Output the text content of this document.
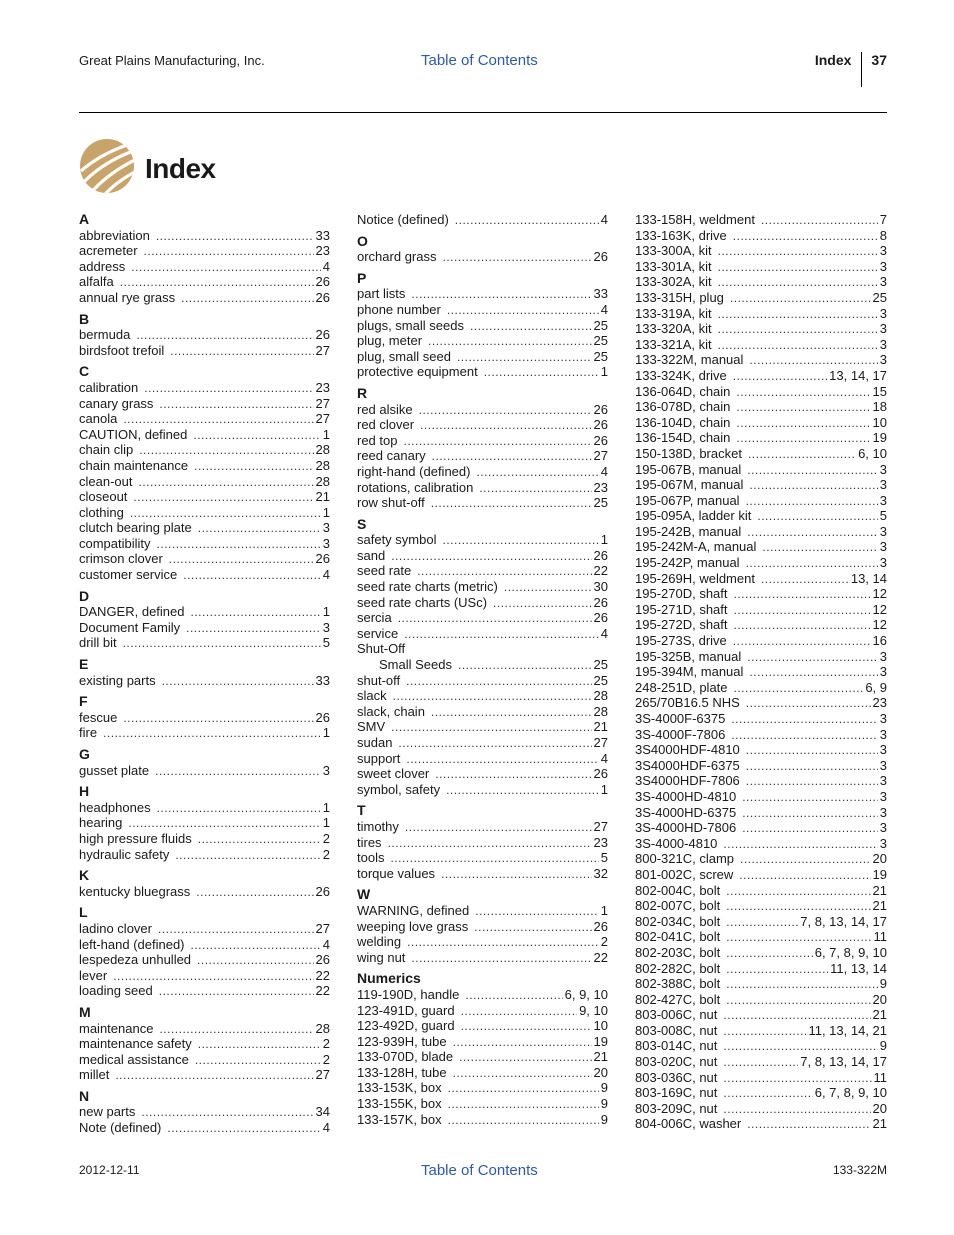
Great Plains Manufacturing, Inc.	Table of Contents	Index	37
Index
A
abbreviation .....	33
acremeter .....	23
address .....	4
alfalfa .....	26
annual rye grass .....	26
B
bermuda .....	26
birdsfoot trefoil .....	27
C
calibration .....	23
canary grass .....	27
canola .....	27
CAUTION, defined .....	1
chain clip .....	28
chain maintenance .....	28
clean-out .....	28
closeout .....	21
clothing .....	1
clutch bearing plate .....	3
compatibility .....	3
crimson clover .....	26
customer service .....	4
D
DANGER, defined .....	1
Document Family .....	3
drill bit .....	5
E
existing parts .....	33
F
fescue .....	26
fire .....	1
G
gusset plate .....	3
H
headphones .....	1
hearing .....	1
high pressure fluids .....	2
hydraulic safety .....	2
K
kentucky bluegrass .....	26
L
ladino clover .....	27
left-hand (defined) .....	4
lespedeza unhulled .....	26
lever .....	22
loading seed .....	22
M
maintenance .....	28
maintenance safety .....	2
medical assistance .....	2
millet .....	27
N
new parts .....	34
Note (defined) .....	4
Notice (defined) .....	4
O
orchard grass .....	26
P
part lists .....	33
phone number .....	4
plugs, small seeds .....	25
plug, meter .....	25
plug, small seed .....	25
protective equipment .....	1
R
red alsike .....	26
red clover .....	26
red top .....	26
reed canary .....	27
right-hand (defined) .....	4
rotations, calibration .....	23
row shut-off .....	25
S
safety symbol .....	1
sand .....	26
seed rate .....	22
seed rate charts (metric) .....	30
seed rate charts (USc) .....	26
sercia .....	26
service .....	4
Shut-Off
Small Seeds .....	25
shut-off .....	25
slack .....	28
slack, chain .....	28
SMV .....	21
sudan .....	27
support .....	4
sweet clover .....	26
symbol, safety .....	1
T
timothy .....	27
tires .....	23
tools .....	5
torque values .....	32
W
WARNING, defined .....	1
weeping love grass .....	26
welding .....	2
wing nut .....	22
Numerics
119-190D, handle .....	6, 9, 10
123-491D, guard .....	9, 10
123-492D, guard .....	10
123-939H, tube .....	19
133-070D, blade .....	21
133-128H, tube .....	20
133-153K, box .....	9
133-155K, box .....	9
133-157K, box .....	9
133-158H, weldment .....	7
133-163K, drive .....	8
133-300A, kit .....	3
133-301A, kit .....	3
133-302A, kit .....	3
133-315H, plug .....	25
133-319A, kit .....	3
133-320A, kit .....	3
133-321A, kit .....	3
133-322M, manual .....	3
133-324K, drive .....	13, 14, 17
136-064D, chain .....	15
136-078D, chain .....	18
136-104D, chain .....	10
136-154D, chain .....	19
150-138D, bracket .....	6, 10
195-067B, manual .....	3
195-067M, manual .....	3
195-067P, manual .....	3
195-095A, ladder kit .....	5
195-242B, manual .....	3
195-242M-A, manual .....	3
195-242P, manual .....	3
195-269H, weldment .....	13, 14
195-270D, shaft .....	12
195-271D, shaft .....	12
195-272D, shaft .....	12
195-273S, drive .....	16
195-325B, manual .....	3
195-394M, manual .....	3
248-251D, plate .....	6, 9
265/70B16.5 NHS .....	23
3S-4000F-6375 .....	3
3S-4000F-7806 .....	3
3S4000HDF-4810 .....	3
3S4000HDF-6375 .....	3
3S4000HDF-7806 .....	3
3S-4000HD-4810 .....	3
3S-4000HD-6375 .....	3
3S-4000HD-7806 .....	3
3S-4000-4810 .....	3
800-321C, clamp .....	20
801-002C, screw .....	19
802-004C, bolt .....	21
802-007C, bolt .....	21
802-034C, bolt .....	7, 8, 13, 14, 17
802-041C, bolt .....	11
802-203C, bolt .....	6, 7, 8, 9, 10
802-282C, bolt .....	11, 13, 14
802-388C, bolt .....	9
802-427C, bolt .....	20
803-006C, nut .....	21
803-008C, nut .....	11, 13, 14, 21
803-014C, nut .....	9
803-020C, nut .....	7, 8, 13, 14, 17
803-036C, nut .....	11
803-169C, nut .....	6, 7, 8, 9, 10
803-209C, nut .....	20
804-006C, washer .....	21
2012-12-11	Table of Contents	133-322M
